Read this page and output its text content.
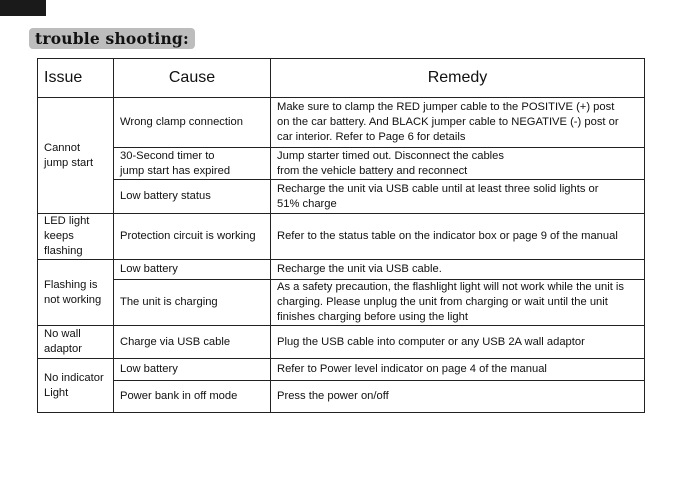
trouble shooting:
Issue	Cause	Remedy

Cannot
jump start	Wrong clamp connection	Make sure to clamp the RED jumper cable to the POSITIVE (+) post
on the car battery. And BLACK jumper cable to NEGATIVE (-) post or
car interior. Refer to Page 6 for details

	30-Second timer to
jump start has expired	Jump starter timed out. Disconnect the cables
from the vehicle battery and reconnect

	Low battery status	Recharge the unit via USB cable until at least three solid lights or
51% charge

LED light
keeps
flashing	Protection circuit is working	Refer to the status table on the indicator box or page 9 of the manual

Flashing is
not working	Low battery	Recharge the unit via USB cable.

	The unit is charging	As a safety precaution, the flashlight light will not work while the unit is
charging. Please unplug the unit from charging or wait until the unit
finishes charging before using the light

No wall
adaptor	Charge via USB cable	Plug the USB cable into computer or any USB 2A wall adaptor

No indicator
Light	Low battery	Refer to Power level indicator on page 4 of the manual

	Power bank in off mode	Press the power on/off
